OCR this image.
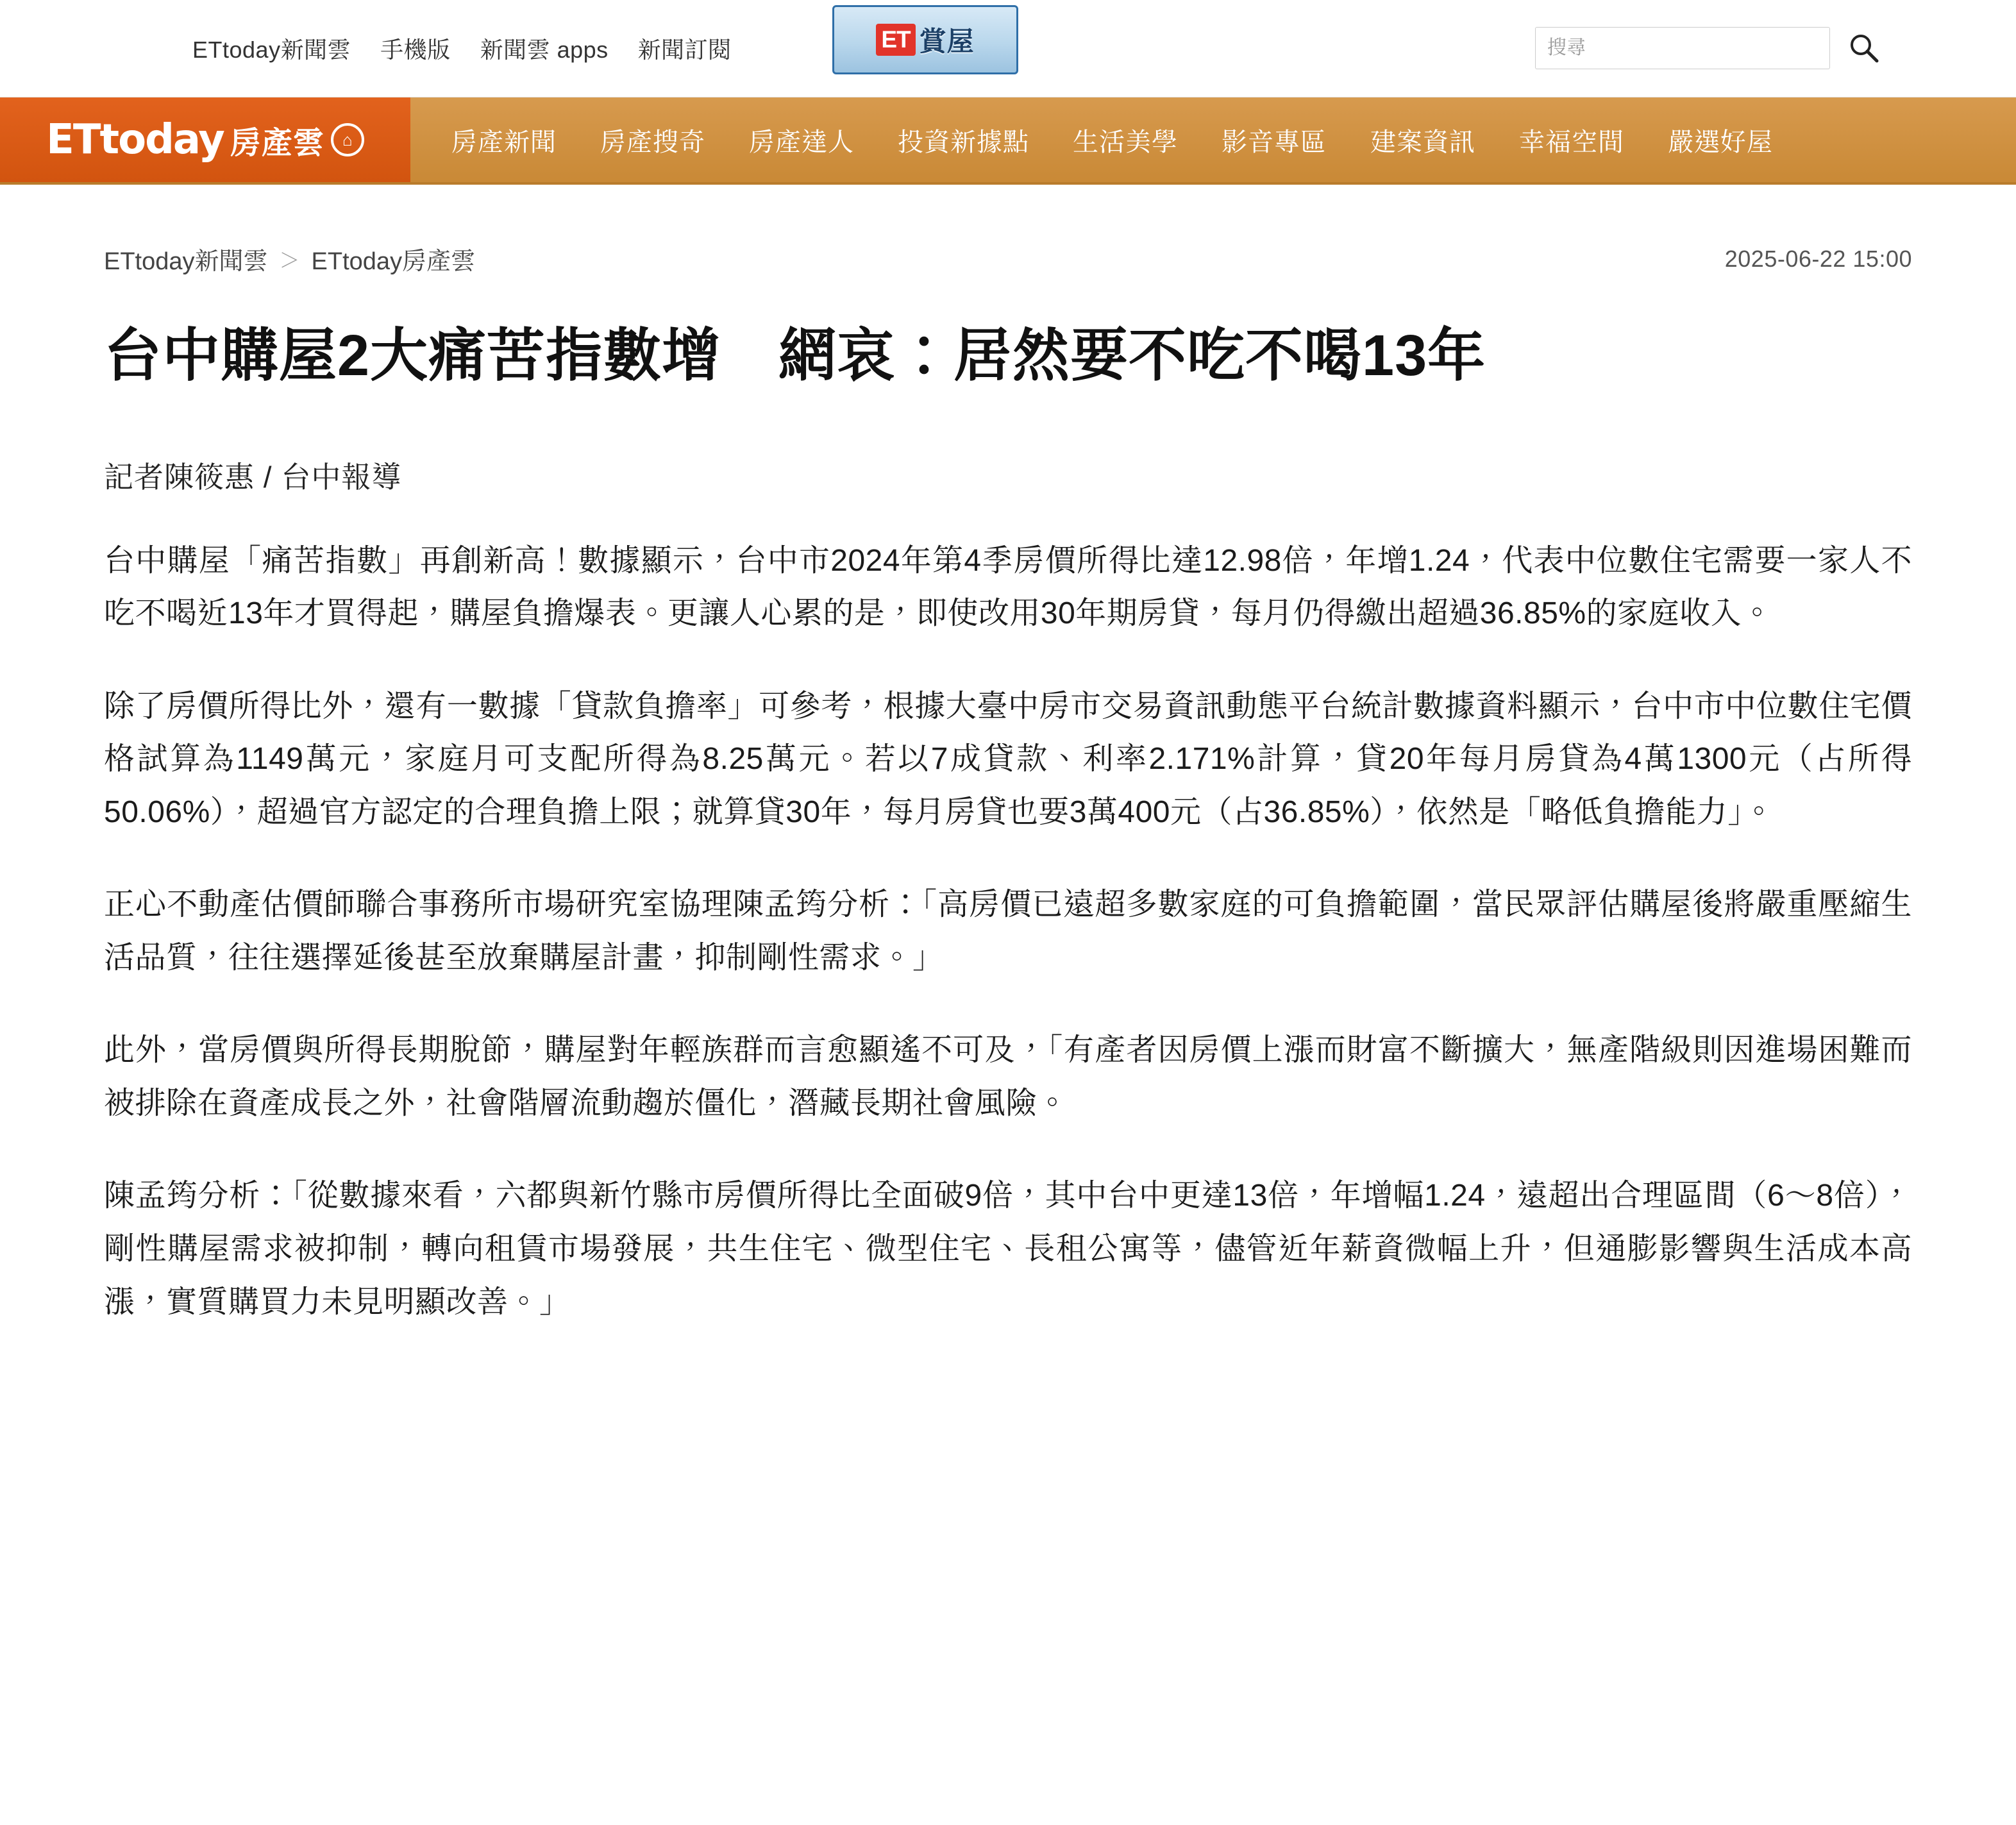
ETtoday新聞雲 手機版 新聞雲 apps 新聞訂閱	ET 賞屋
搜尋
ETtoday 房產雲	⌂	房產新聞	房產搜奇	房產達人	投資新據點	生活美學	影音專區	建案資訊	幸福空間	嚴選好屋
ETtoday新聞雲 ＞ ETtoday房產雲	2025-06-22 15:00
台中購屋2大痛苦指數增　網哀：居然要不吃不喝13年
記者陳筱惠 / 台中報導

台中購屋「痛苦指數」再創新高！數據顯示，台中市2024年第4季房價所得比達12.98倍，年增1.24，代表中位數住宅需要一家人不吃不喝近13年才買得起，購屋負擔爆表。更讓人心累的是，即使改用30年期房貸，每月仍得繳出超過36.85%的家庭收入。

除了房價所得比外，還有一數據「貸款負擔率」可參考，根據大臺中房市交易資訊動態平台統計數據資料顯示，台中市中位數住宅價格試算為1149萬元，家庭月可支配所得為8.25萬元。若以7成貸款、利率2.171%計算，貸20年每月房貸為4萬1300元（占所得50.06%），超過官方認定的合理負擔上限；就算貸30年，每月房貸也要3萬400元（占36.85%），依然是「略低負擔能力」。

正心不動產估價師聯合事務所市場研究室協理陳孟筠分析：「高房價已遠超多數家庭的可負擔範圍，當民眾評估購屋後將嚴重壓縮生活品質，往往選擇延後甚至放棄購屋計畫，抑制剛性需求。」

此外，當房價與所得長期脫節，購屋對年輕族群而言愈顯遙不可及，「有產者因房價上漲而財富不斷擴大，無產階級則因進場困難而被排除在資產成長之外，社會階層流動趨於僵化，潛藏長期社會風險。

陳孟筠分析：「從數據來看，六都與新竹縣市房價所得比全面破9倍，其中台中更達13倍，年增幅1.24，遠超出合理區間（6～8倍），剛性購屋需求被抑制，轉向租賃市場發展，共生住宅、微型住宅、長租公寓等，儘管近年薪資微幅上升，但通膨影響與生活成本高漲，實質購買力未見明顯改善。」
